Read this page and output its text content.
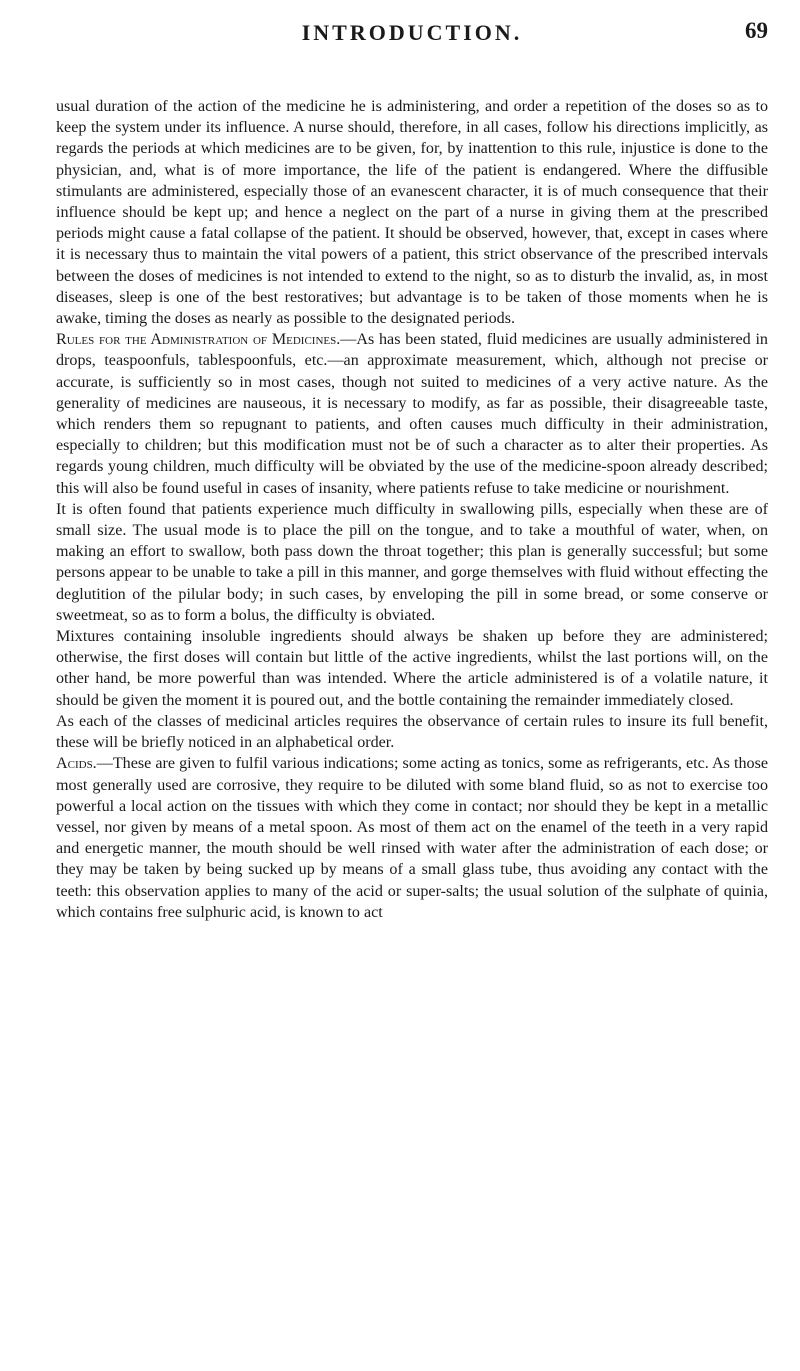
INTRODUCTION.	69

usual duration of the action of the medicine he is administering, and order a repetition of the doses so as to keep the system under its influence. A nurse should, therefore, in all cases, follow his directions implicitly, as regards the periods at which medicines are to be given, for, by inattention to this rule, injustice is done to the physician, and, what is of more importance, the life of the patient is endangered. Where the diffusible stimulants are administered, especially those of an evanescent character, it is of much consequence that their influence should be kept up; and hence a neglect on the part of a nurse in giving them at the prescribed periods might cause a fatal collapse of the patient. It should be observed, however, that, except in cases where it is necessary thus to maintain the vital powers of a patient, this strict observance of the prescribed intervals between the doses of medicines is not intended to extend to the night, so as to disturb the invalid, as, in most diseases, sleep is one of the best restoratives; but advantage is to be taken of those moments when he is awake, timing the doses as nearly as possible to the designated periods.

Rules for the Administration of Medicines.—As has been stated, fluid medicines are usually administered in drops, teaspoonfuls, tablespoonfuls, etc.—an approximate measurement, which, although not precise or accurate, is sufficiently so in most cases, though not suited to medicines of a very active nature. As the generality of medicines are nauseous, it is necessary to modify, as far as possible, their disagreeable taste, which renders them so repugnant to patients, and often causes much difficulty in their administration, especially to children; but this modification must not be of such a character as to alter their properties. As regards young children, much difficulty will be obviated by the use of the medicine-spoon already described; this will also be found useful in cases of insanity, where patients refuse to take medicine or nourishment.

It is often found that patients experience much difficulty in swallowing pills, especially when these are of small size. The usual mode is to place the pill on the tongue, and to take a mouthful of water, when, on making an effort to swallow, both pass down the throat together; this plan is generally successful; but some persons appear to be unable to take a pill in this manner, and gorge themselves with fluid without effecting the deglutition of the pilular body; in such cases, by enveloping the pill in some bread, or some conserve or sweetmeat, so as to form a bolus, the difficulty is obviated.

Mixtures containing insoluble ingredients should always be shaken up before they are administered; otherwise, the first doses will contain but little of the active ingredients, whilst the last portions will, on the other hand, be more powerful than was intended. Where the article administered is of a volatile nature, it should be given the moment it is poured out, and the bottle containing the remainder immediately closed.

As each of the classes of medicinal articles requires the observance of certain rules to insure its full benefit, these will be briefly noticed in an alphabetical order.

Acids.—These are given to fulfil various indications; some acting as tonics, some as refrigerants, etc. As those most generally used are corrosive, they require to be diluted with some bland fluid, so as not to exercise too powerful a local action on the tissues with which they come in contact; nor should they be kept in a metallic vessel, nor given by means of a metal spoon. As most of them act on the enamel of the teeth in a very rapid and energetic manner, the mouth should be well rinsed with water after the administration of each dose; or they may be taken by being sucked up by means of a small glass tube, thus avoiding any contact with the teeth: this observation applies to many of the acid or super-salts; the usual solution of the sulphate of quinia, which contains free sulphuric acid, is known to act
